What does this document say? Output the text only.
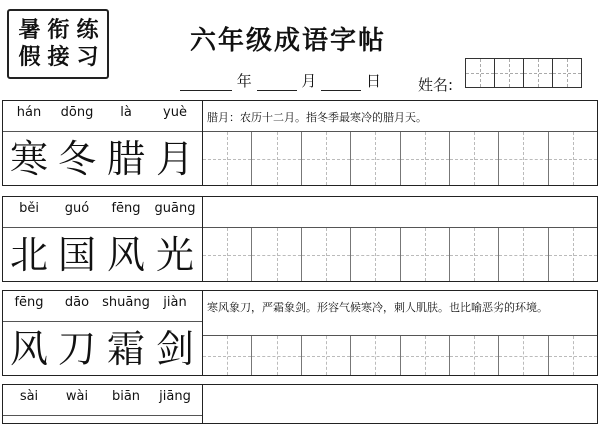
暑 衔 练
假 接 习
六年级成语字帖
年	月	日 姓名:
hán	dōng	là	yuè
寒 冬 腊 月
腊月：农历十二月。指冬季最寒冷的腊月天。
běi	guó	fēng	guāng
北 国 风 光
fēng	dāo	shuāng	jiàn
风 刀 霜 剑
寒风象刀，严霜象剑。形容气候寒冷，刺人肌肤。也比喻恶劣的环境。
sài	wài	biān	jiāng
